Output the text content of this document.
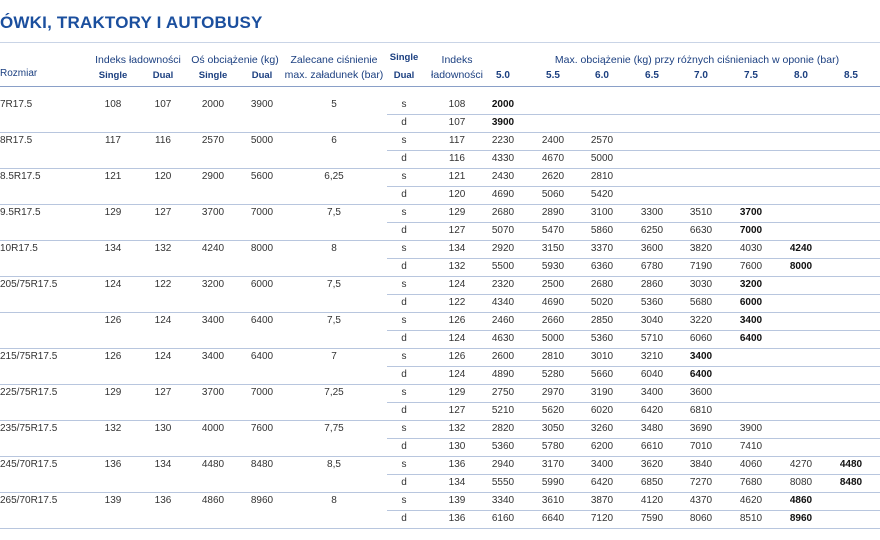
ÓWKI, TRAKTORY I AUTOBUSY
Rozmiar
Indeks ładowności
Single	Dual
Oś obciążenie (kg)
Single	Dual
Zalecane ciśnienie
max. załadunek (bar)
Single
Dual
Indeks
ładowności
Max. obciążenie (kg) przy różnych ciśnieniach w oponie (bar)
5.0	5.5	6.0	6.5	7.0	7.5	8.0	8.5
7R17.5	108	107	2000	3900	5	s	108	2000
d	107	3900
8R17.5	117	116	2570	5000	6	s	117	2230	2400	2570
d	116	4330	4670	5000
8.5R17.5	121	120	2900	5600	6,25	s	121	2430	2620	2810
d	120	4690	5060	5420
9.5R17.5	129	127	3700	7000	7,5	s	129	2680	2890	3100	3300	3510	3700
d	127	5070	5470	5860	6250	6630	7000
10R17.5	134	132	4240	8000	8	s	134	2920	3150	3370	3600	3820	4030	4240
d	132	5500	5930	6360	6780	7190	7600	8000
205/75R17.5	124	122	3200	6000	7,5	s	124	2320	2500	2680	2860	3030	3200
d	122	4340	4690	5020	5360	5680	6000
126	124	3400	6400	7,5	s	126	2460	2660	2850	3040	3220	3400
d	124	4630	5000	5360	5710	6060	6400
215/75R17.5	126	124	3400	6400	7	s	126	2600	2810	3010	3210	3400
d	124	4890	5280	5660	6040	6400
225/75R17.5	129	127	3700	7000	7,25	s	129	2750	2970	3190	3400	3600
d	127	5210	5620	6020	6420	6810
235/75R17.5	132	130	4000	7600	7,75	s	132	2820	3050	3260	3480	3690	3900
d	130	5360	5780	6200	6610	7010	7410
245/70R17.5	136	134	4480	8480	8,5	s	136	2940	3170	3400	3620	3840	4060	4270	4480
d	134	5550	5990	6420	6850	7270	7680	8080	8480
265/70R17.5	139	136	4860	8960	8	s	139	3340	3610	3870	4120	4370	4620	4860
d	136	6160	6640	7120	7590	8060	8510	8960
